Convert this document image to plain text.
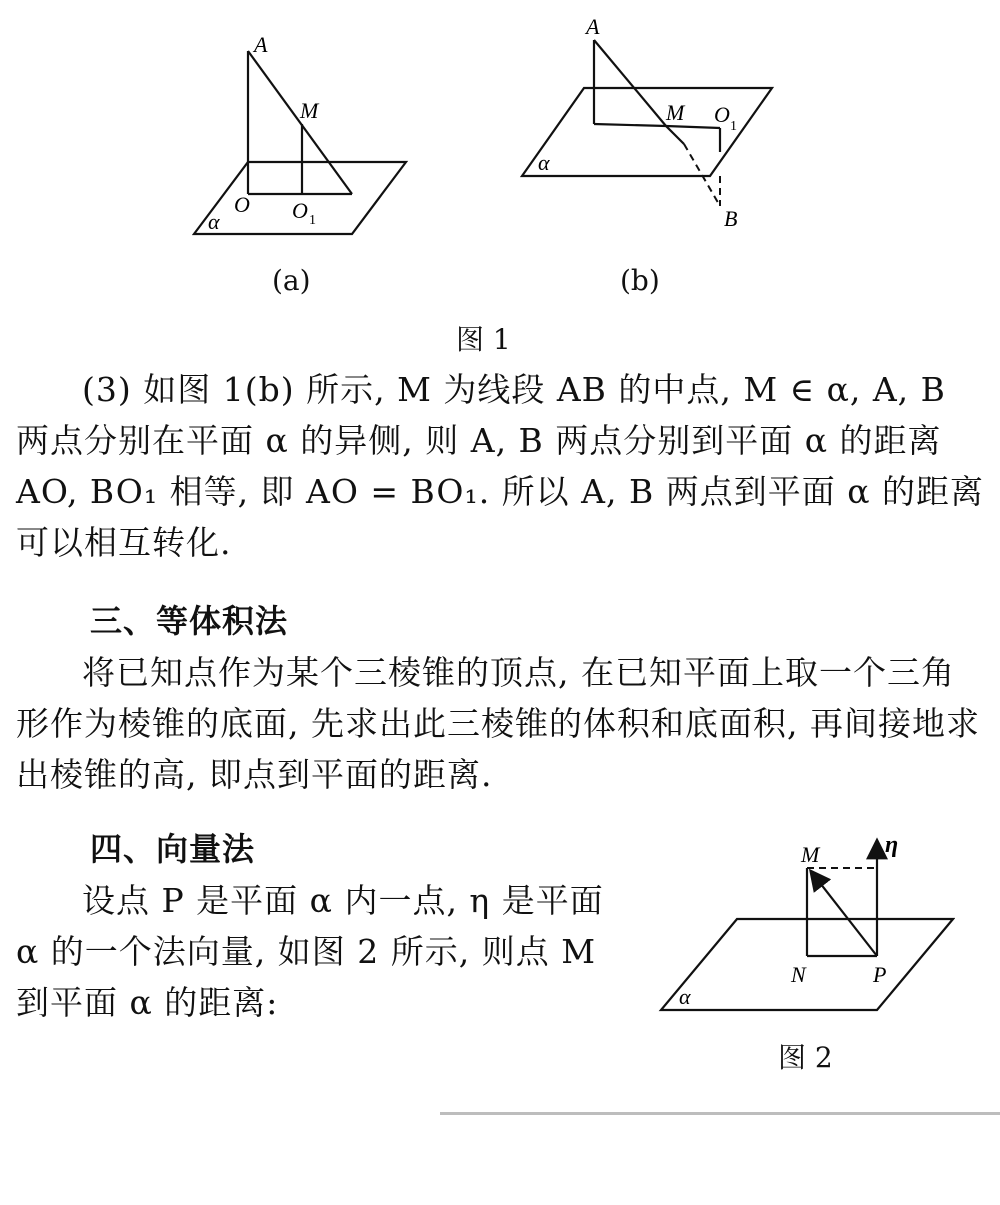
A
M
O O 1
α

(a)

A
M O 1
B
α

(b)

图 1

(3) 如图 1(b) 所示, M 为线段 AB 的中点, M ∈ α, A, B 两点分别在平面 α 的异侧, 则 A, B 两点分别到平面 α 的距离 AO, BO₁ 相等, 即 AO = BO₁. 所以 A, B 两点到平面 α 的距离可以相互转化.

三、等体积法

将已知点作为某个三棱锥的顶点, 在已知平面上取一个三角形作为棱锥的底面, 先求出此三棱锥的体积和底面积, 再间接地求出棱锥的高, 即点到平面的距离.

四、向量法

设点 P 是平面 α 内一点, η 是平面 α 的一个法向量, 如图 2 所示, 则点 M 到平面 α 的距离:

M	η
N	P
α

图 2
